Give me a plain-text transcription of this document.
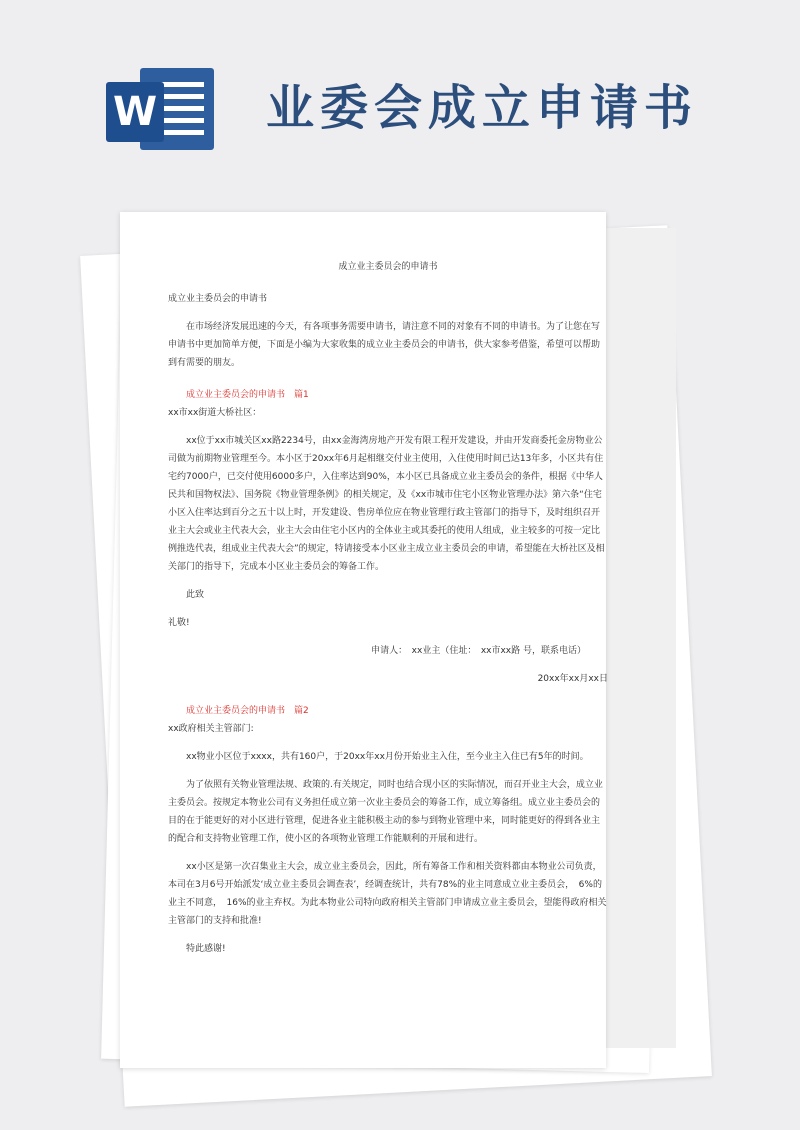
W 业委会成立申请书

成立业主委员会的申请书

成立业主委员会的申请书

在市场经济发展迅速的今天，有各项事务需要申请书，请注意不同的对象有不同的申请书。为了让您在写申请书中更加简单方便，下面是小编为大家收集的成立业主委员会的申请书，供大家参考借鉴，希望可以帮助到有需要的朋友。

成立业主委员会的申请书　篇1

xx市xx街道大桥社区：

xx位于xx市城关区xx路2234号，由xx金海湾房地产开发有限工程开发建设，并由开发商委托金房物业公司做为前期物业管理至今。本小区于20xx年6月起相继交付业主使用，入住使用时间已达13年多，小区共有住宅约7000户，已交付使用6000多户，入住率达到90%，本小区已具备成立业主委员会的条件，根据《中华人民共和国物权法》、国务院《物业管理条例》的相关规定，及《xx市城市住宅小区物业管理办法》第六条“住宅小区入住率达到百分之五十以上时，开发建设、售房单位应在物业管理行政主管部门的指导下，及时组织召开业主大会或业主代表大会，业主大会由住宅小区内的全体业主或其委托的使用人组成，业主较多的可按一定比例推选代表，组成业主代表大会”的规定，特请接受本小区业主成立业主委员会的申请，希望能在大桥社区及相关部门的指导下，完成本小区业主委员会的筹备工作。

此致

礼敬!

申请人：　xx业主（住址：　xx市xx路 号，联系电话）

20xx年xx月xx日

成立业主委员会的申请书　篇2

xx政府相关主管部门:

xx物业小区位于xxxx，共有160户，于20xx年xx月份开始业主入住，至今业主入住已有5年的时间。

为了依照有关物业管理法规、政策的.有关规定，同时也结合现小区的实际情况，而召开业主大会，成立业主委员会。按规定本物业公司有义务担任成立第一次业主委员会的筹备工作，成立筹备组。成立业主委员会的目的在于能更好的对小区进行管理，促进各业主能积极主动的参与到物业管理中来，同时能更好的得到各业主的配合和支持物业管理工作，使小区的各项物业管理工作能顺利的开展和进行。

xx小区是第一次召集业主大会，成立业主委员会，因此，所有筹备工作和相关资料都由本物业公司负责，本司在3月6号开始派发‘成立业主委员会调查表’，经调查统计，共有78%的业主同意成立业主委员会，　6%的业主不同意，　16%的业主弃权。为此本物业公司特向政府相关主管部门申请成立业主委员会，望能得政府相关主管部门的支持和批准!

特此感谢!
